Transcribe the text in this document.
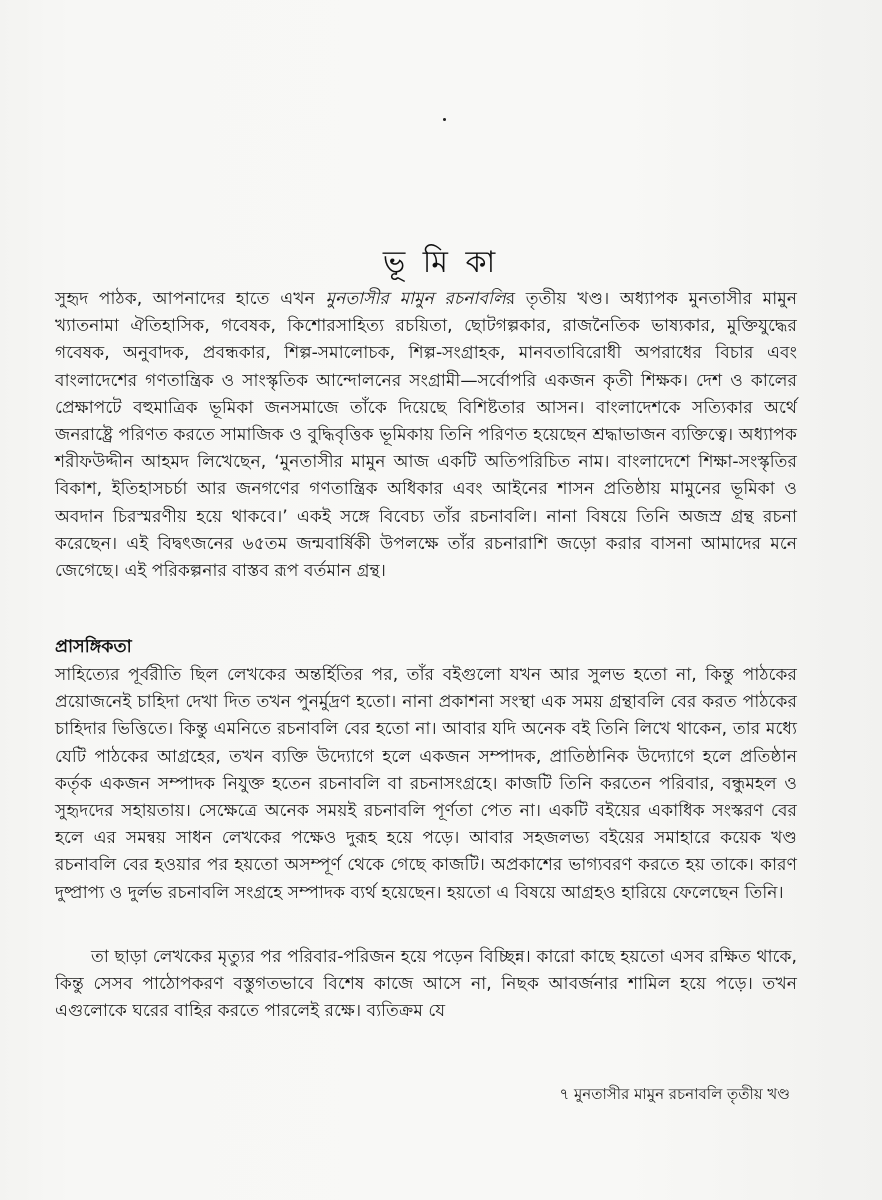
ভূ মি কা

সুহৃদ পাঠক, আপনাদের হাতে এখন মুনতাসীর মামুন রচনাবলির তৃতীয় খণ্ড। অধ্যাপক মুনতাসীর মামুন খ্যাতনামা ঐতিহাসিক, গবেষক, কিশোরসাহিত্য রচয়িতা, ছোটগল্পকার, রাজনৈতিক ভাষ্যকার, মুক্তিযুদ্ধের গবেষক, অনুবাদক, প্রবন্ধকার, শিল্প-সমালোচক, শিল্প-সংগ্রাহক, মানবতাবিরোধী অপরাধের বিচার এবং বাংলাদেশের গণতান্ত্রিক ও সাংস্কৃতিক আন্দোলনের সংগ্রামী—সর্বোপরি একজন কৃতী শিক্ষক। দেশ ও কালের প্রেক্ষাপটে বহুমাত্রিক ভূমিকা জনসমাজে তাঁকে দিয়েছে বিশিষ্টতার আসন। বাংলাদেশকে সত্যিকার অর্থে জনরাষ্ট্রে পরিণত করতে সামাজিক ও বুদ্ধিবৃত্তিক ভূমিকায় তিনি পরিণত হয়েছেন শ্রদ্ধাভাজন ব্যক্তিত্বে। অধ্যাপক শরীফউদ্দীন আহমদ লিখেছেন, ‘মুনতাসীর মামুন আজ একটি অতিপরিচিত নাম। বাংলাদেশে শিক্ষা-সংস্কৃতির বিকাশ, ইতিহাসচর্চা আর জনগণের গণতান্ত্রিক অধিকার এবং আইনের শাসন প্রতিষ্ঠায় মামুনের ভূমিকা ও অবদান চিরস্মরণীয় হয়ে থাকবে।’ একই সঙ্গে বিবেচ্য তাঁর রচনাবলি। নানা বিষয়ে তিনি অজস্র গ্রন্থ রচনা করেছেন। এই বিদ্বৎজনের ৬৫তম জন্মবার্ষিকী উপলক্ষে তাঁর রচনারাশি জড়ো করার বাসনা আমাদের মনে জেগেছে। এই পরিকল্পনার বাস্তব রূপ বর্তমান গ্রন্থ।

প্রাসঙ্গিকতা

সাহিত্যের পূর্বরীতি ছিল লেখকের অন্তর্হিতির পর, তাঁর বইগুলো যখন আর সুলভ হতো না, কিন্তু পাঠকের প্রয়োজনেই চাহিদা দেখা দিত তখন পুনর্মুদ্রণ হতো। নানা প্রকাশনা সংস্থা এক সময় গ্রন্থাবলি বের করত পাঠকের চাহিদার ভিত্তিতে। কিন্তু এমনিতে রচনাবলি বের হতো না। আবার যদি অনেক বই তিনি লিখে থাকেন, তার মধ্যে যেটি পাঠকের আগ্রহের, তখন ব্যক্তি উদ্যোগে হলে একজন সম্পাদক, প্রাতিষ্ঠানিক উদ্যোগে হলে প্রতিষ্ঠান কর্তৃক একজন সম্পাদক নিযুক্ত হতেন রচনাবলি বা রচনাসংগ্রহে। কাজটি তিনি করতেন পরিবার, বন্ধুমহল ও সুহৃদদের সহায়তায়। সেক্ষেত্রে অনেক সময়ই রচনাবলি পূর্ণতা পেত না। একটি বইয়ের একাধিক সংস্করণ বের হলে এর সমন্বয় সাধন লেখকের পক্ষেও দুরূহ হয়ে পড়ে। আবার সহজলভ্য বইয়ের সমাহারে কয়েক খণ্ড রচনাবলি বের হওয়ার পর হয়তো অসম্পূর্ণ থেকে গেছে কাজটি। অপ্রকাশের ভাগ্যবরণ করতে হয় তাকে। কারণ দুষ্প্রাপ্য ও দুর্লভ রচনাবলি সংগ্রহে সম্পাদক ব্যর্থ হয়েছেন। হয়তো এ বিষয়ে আগ্রহও হারিয়ে ফেলেছেন তিনি।

তা ছাড়া লেখকের মৃত্যুর পর পরিবার-পরিজন হয়ে পড়েন বিচ্ছিন্ন। কারো কাছে হয়তো এসব রক্ষিত থাকে, কিন্তু সেসব পাঠোপকরণ বস্তুগতভাবে বিশেষ কাজে আসে না, নিছক আবর্জনার শামিল হয়ে পড়ে। তখন এগুলোকে ঘরের বাহির করতে পারলেই রক্ষে। ব্যতিক্রম যে

৭ মুনতাসীর মামুন রচনাবলি তৃতীয় খণ্ড
